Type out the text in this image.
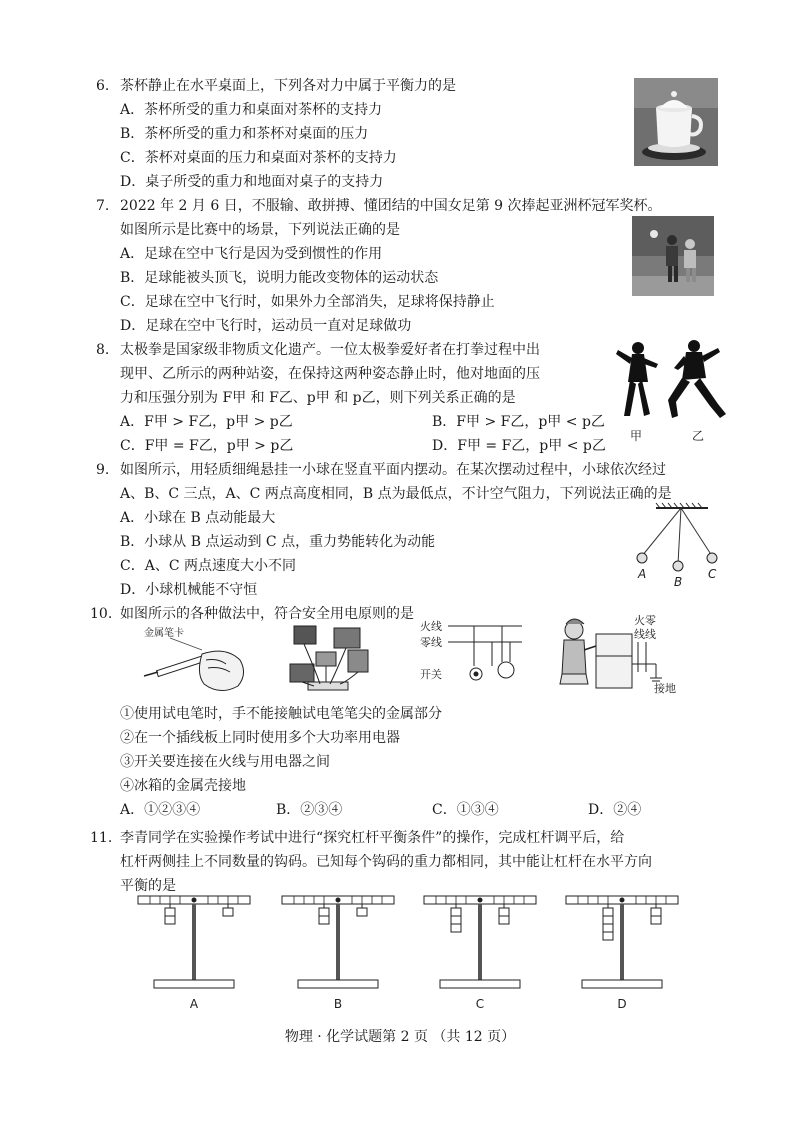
6. 茶杯静止在水平桌面上，下列各对力中属于平衡力的是
A．茶杯所受的重力和桌面对茶杯的支持力
B．茶杯所受的重力和茶杯对桌面的压力
C．茶杯对桌面的压力和桌面对茶杯的支持力
D．桌子所受的重力和地面对桌子的支持力
7. 2022 年 2 月 6 日，不服输、敢拼搏、懂团结的中国女足第 9 次捧起亚洲杯冠军奖杯。
如图所示是比赛中的场景，下列说法正确的是
A．足球在空中飞行是因为受到惯性的作用
B．足球能被头顶飞，说明力能改变物体的运动状态
C．足球在空中飞行时，如果外力全部消失，足球将保持静止
D．足球在空中飞行时，运动员一直对足球做功
8. 太极拳是国家级非物质文化遗产。一位太极拳爱好者在打拳过程中出
现甲、乙所示的两种站姿，在保持这两种姿态静止时，他对地面的压
力和压强分别为 F甲 和 F乙、p甲 和 p乙，则下列关系正确的是
A．F甲 > F乙，p甲 > p乙	B．F甲 > F乙，p甲 < p乙
C．F甲 = F乙，p甲 > p乙	D．F甲 = F乙，p甲 < p乙
甲	乙
9. 如图所示，用轻质细绳悬挂一小球在竖直平面内摆动。在某次摆动过程中，小球依次经过
A、B、C 三点，A、C 两点高度相同，B 点为最低点，不计空气阻力，下列说法正确的是
A．小球在 B 点动能最大
B．小球从 B 点运动到 C 点，重力势能转化为动能
C．A、C 两点速度大小不同
D．小球机械能不守恒
A
B
C
10. 如图所示的各种做法中，符合安全用电原则的是
金属笔卡
火线
零线
开关
火零
线线
接地
①使用试电笔时，手不能接触试电笔笔尖的金属部分
②在一个插线板上同时使用多个大功率用电器
③开关要连接在火线与用电器之间
④冰箱的金属壳接地
A．①②③④	B．②③④	C．①③④	D．②④
11. 李青同学在实验操作考试中进行“探究杠杆平衡条件”的操作，完成杠杆调平后，给
杠杆两侧挂上不同数量的钩码。已知每个钩码的重力都相同，其中能让杠杆在水平方向
平衡的是
A	B	C	D
物理 · 化学试题第 2 页 （共 12 页）
